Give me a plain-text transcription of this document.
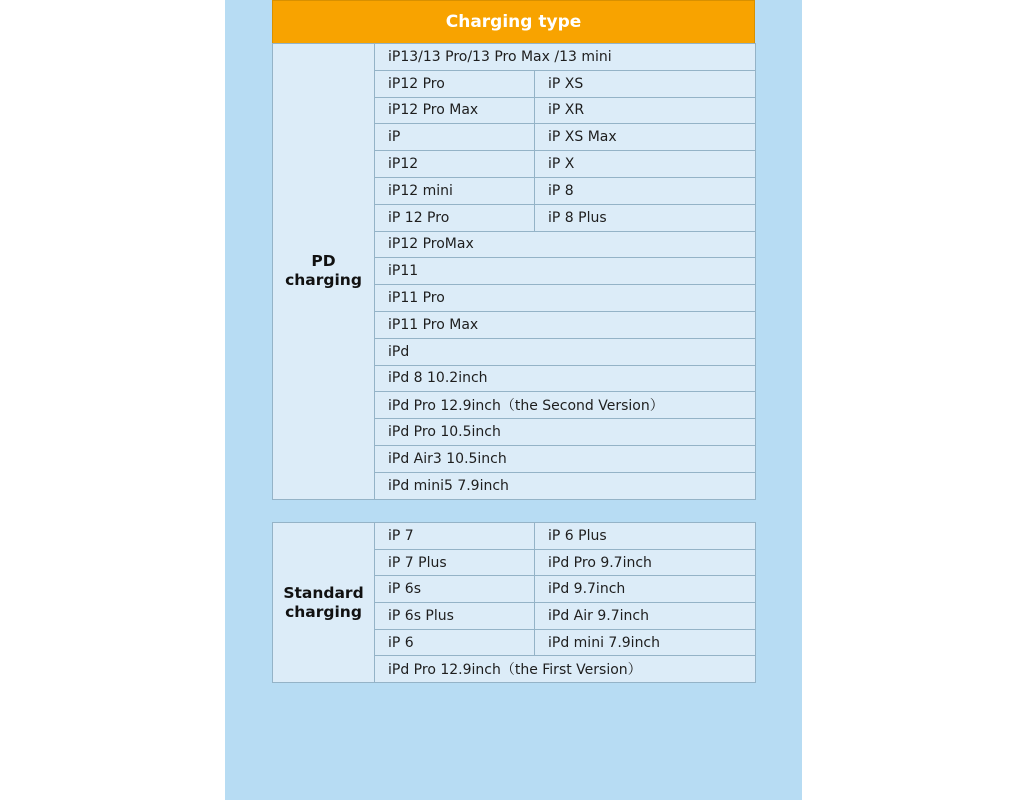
Charging type
PD
charging	iP13/13 Pro/13 Pro Max /13 mini	
	iP12 Pro	iP XS
	iP12 Pro Max	iP XR
	iP	iP XS Max
	iP12	iP X
	iP12 mini	iP 8
	iP 12 Pro	iP 8 Plus
	iP12 ProMax	
	iP11	
	iP11 Pro	
	iP11 Pro Max	
	iPd	
	iPd 8 10.2inch	
	iPd Pro 12.9inch（the Second Version）	
	iPd Pro 10.5inch	
	iPd Air3 10.5inch	
	iPd mini5 7.9inch	
Standard
charging	iP 7	iP 6 Plus
	iP 7 Plus	iPd Pro 9.7inch
	iP 6s	iPd 9.7inch
	iP 6s Plus	iPd Air 9.7inch
	iP 6	iPd mini 7.9inch
	iPd Pro 12.9inch（the First Version）	
